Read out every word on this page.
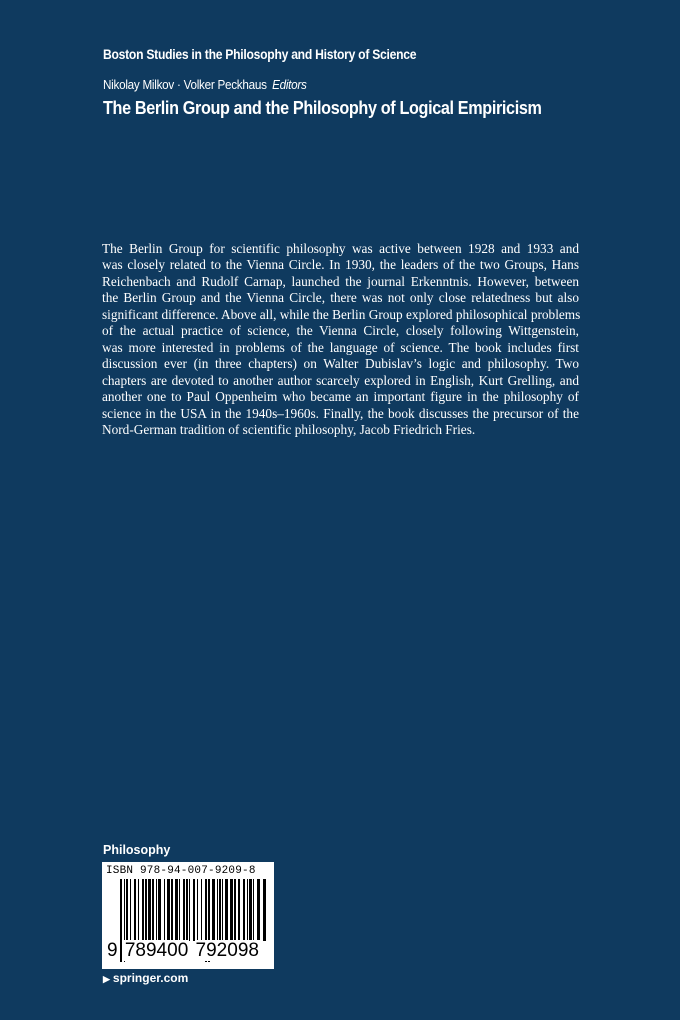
Boston Studies in the Philosophy and History of Science
Nikolay Milkov · Volker Peckhaus Editors
The Berlin Group and the Philosophy of Logical Empiricism
The Berlin Group for scientific philosophy was active between 1928 and 1933 and
was closely related to the Vienna Circle. In 1930, the leaders of the two Groups, Hans
Reichenbach and Rudolf Carnap, launched the journal Erkenntnis. However, between
the Berlin Group and the Vienna Circle, there was not only close relatedness but also
significant difference. Above all, while the Berlin Group explored philosophical problems
of the actual practice of science, the Vienna Circle, closely following Wittgenstein,
was more interested in problems of the language of science. The book includes first
discussion ever (in three chapters) on Walter Dubislav’s logic and philosophy. Two
chapters are devoted to another author scarcely explored in English, Kurt Grelling, and
another one to Paul Oppenheim who became an important figure in the philosophy of
science in the USA in the 1940s–1960s. Finally, the book discusses the precursor of the
Nord-German tradition of scientific philosophy, Jacob Friedrich Fries.
Philosophy
ISBN 978-94-007-9209-8
9 789400 792098
▶ springer.com
